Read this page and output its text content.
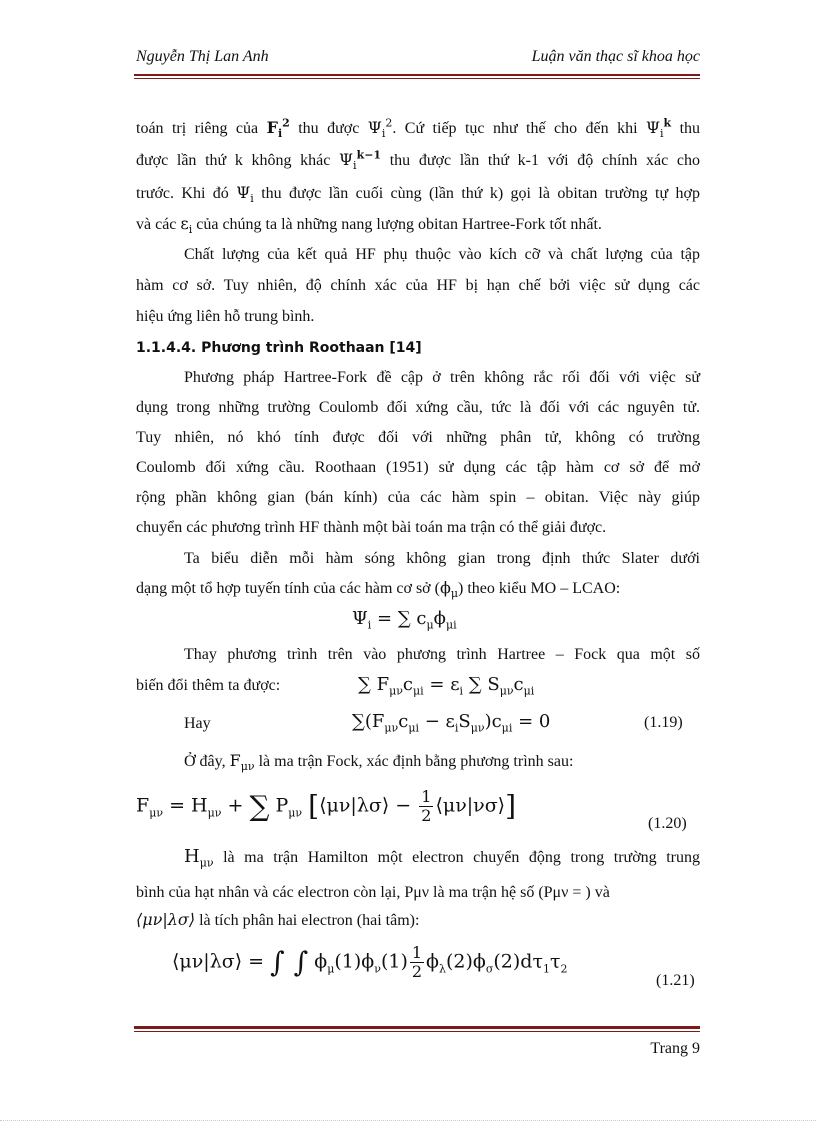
Nguyễn Thị Lan Anh	Luận văn thạc sĩ khoa học
toán trị riêng của $F_i^2$ thu được $\Psi_i^2$. Cứ tiếp tục như thế cho đến khi $\Psi_i^k$ thu
được lần thứ k không khác $\Psi_i^{k-1}$ thu được lần thứ k-1 với độ chính xác cho
trước. Khi đó $\Psi_i$ thu được lần cuối cùng (lần thứ k) gọi là obitan trường tự hợp
và các $\varepsilon_i$ của chúng ta là những nang lượng obitan Hartree-Fork tốt nhất.
Chất lượng của kết quả HF phụ thuộc vào kích cỡ và chất lượng của tập
hàm cơ sở. Tuy nhiên, độ chính xác của HF bị hạn chế bởi việc sử dụng các
hiệu ứng liên hỗ trung bình.
1.1.4.4. Phương trình Roothaan [14]
Phương pháp Hartree-Fork đề cập ở trên không rắc rối đối với việc sử
dụng trong những trường Coulomb đối xứng cầu, tức là đối với các nguyên tử.
Tuy nhiên, nó khó tính được đối với những phân tử, không có trường
Coulomb đối xứng cầu. Roothaan (1951) sử dụng các tập hàm cơ sở để mở
rộng phần không gian (bán kính) của các hàm spin – obitan. Việc này giúp
chuyển các phương trình HF thành một bài toán ma trận có thể giải được.
Ta biểu diễn mỗi hàm sóng không gian trong định thức Slater dưới
dạng một tổ hợp tuyến tính của các hàm cơ sở $(\phi_\mu)$ theo kiểu MO – LCAO:
$\Psi_i$ = ∑ $c_\mu\phi_{\mu i}$
Thay phương trình trên vào phương trình Hartree – Fock qua một số
biến đổi thêm ta được:	∑ $F_{\mu\nu}c_{\mu i} = \varepsilon_i$ ∑ $S_{\mu\nu}c_{\mu i}$
Hay	$\sum(F_{\mu\nu}c_{\mu i} - \varepsilon_iS_{\mu\nu})c_{\mu i} = 0$	(1.19)
Ở đây, $F_{\mu\nu}$ là ma trận Fock, xác định bằng phương trình sau:
$F_{\mu\nu} = H_{\mu\nu}$ + ∑ $P_{\mu\nu}$ [⟨μν|λσ⟩ − $\frac{1}{2}$ ⟨μν|νσ⟩]
(1.20)
$H_{\mu\nu}$ là ma trận Hamilton một electron chuyển động trong trường trung
bình của hạt nhân và các electron còn lại, Pμν là ma trận hệ số (Pμν = ) và
⟨μν|λσ⟩ là tích phân hai electron (hai tâm):
⟨μν|λσ⟩ = ∫ ∫ $\phi_\mu(1)\phi_\nu(1) \frac{1}{2} \phi_\lambda(2)\phi_\sigma(2)d\tau_1\tau_2$
(1.21)
Trang 9
